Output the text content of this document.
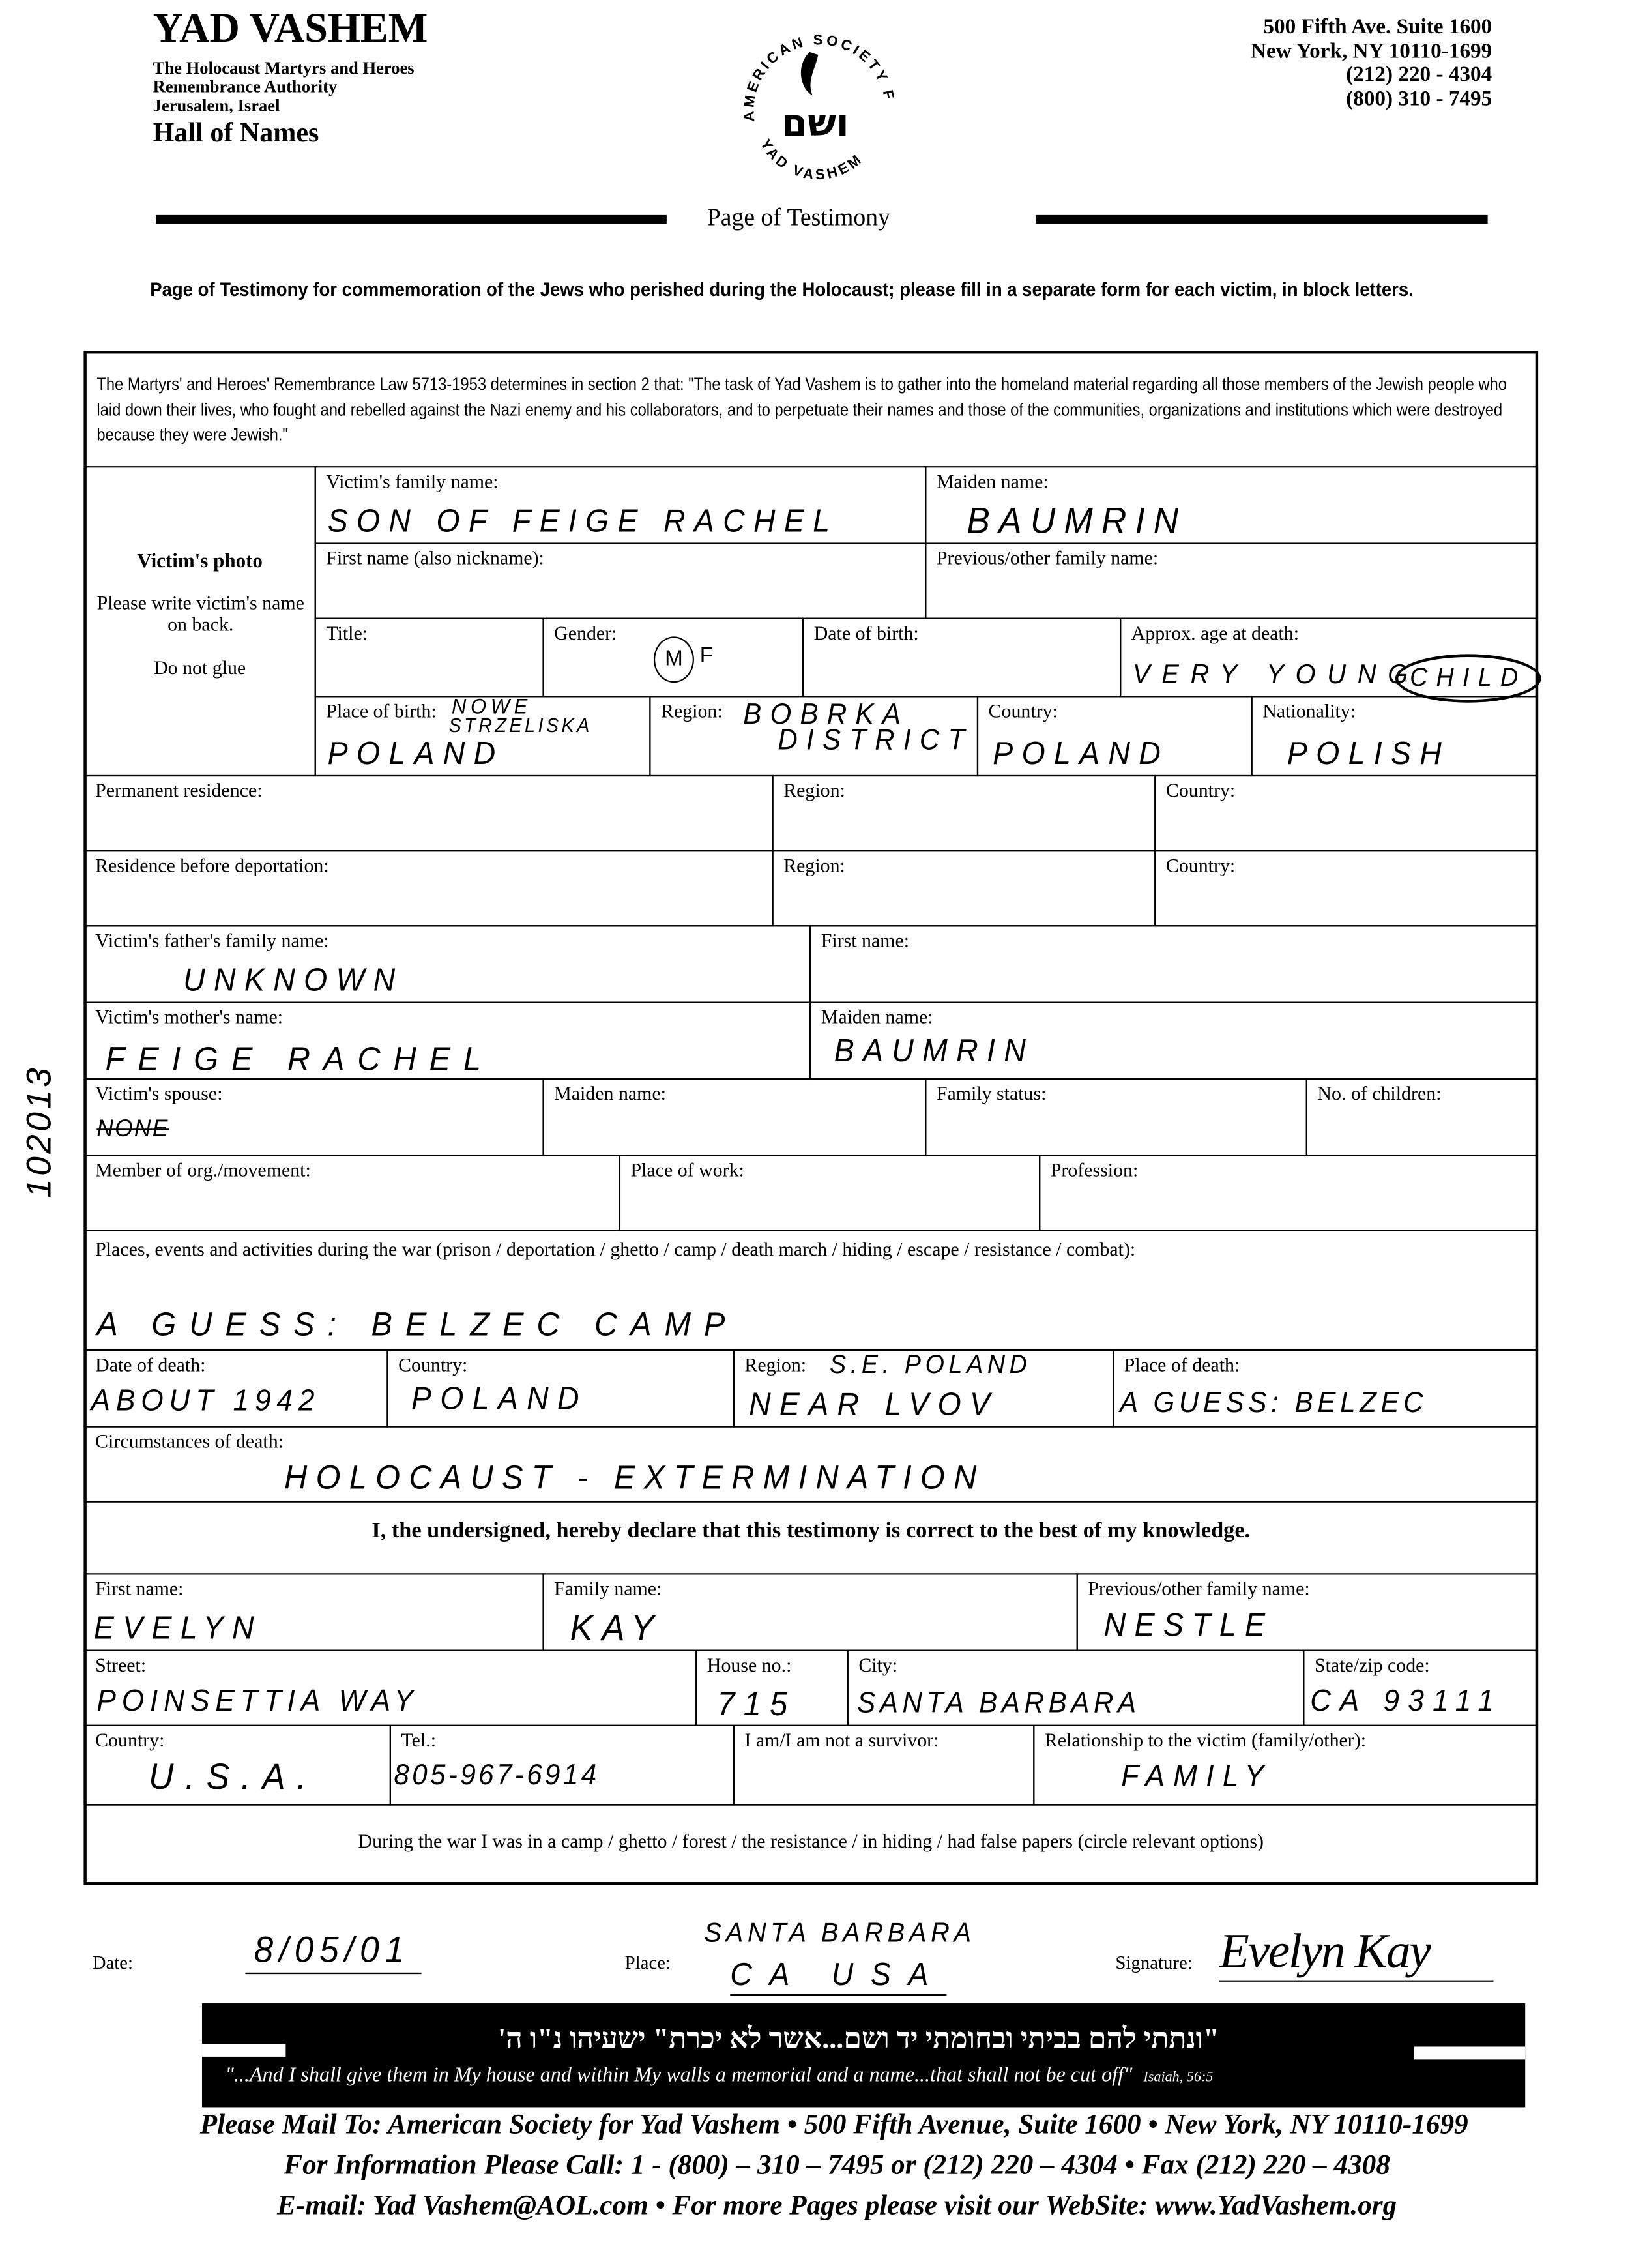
YAD VASHEM
The Holocaust Martyrs and Heroes
Remembrance Authority
Jerusalem, Israel
Hall of Names
AMERICAN SOCIETY F
YAD VASHEM
ושם
Page of Testimony
500 Fifth Ave. Suite 1600
New York, NY 10110-1699
(212) 220 - 4304
(800) 310 - 7495
Page of Testimony for commemoration of the Jews who perished during the Holocaust; please fill in a separate form for each victim, in block letters.
The Martyrs' and Heroes' Remembrance Law 5713-1953 determines in section 2 that: "The task of Yad Vashem is to gather into the homeland material regarding all those members of the Jewish people who laid down their lives, who fought and rebelled against the Nazi enemy and his collaborators, and to perpetuate their names and those of the communities, organizations and institutions which were destroyed because they were Jewish."
Victim's photo
Please write victim's name on back.
Do not glue
Victim's family name:
SON OF FEIGE RACHEL
Maiden name:
BAUMRIN
First name (also nickname):	Previous/other family name:
Title:	Gender:
M	F
Date of birth:	Approx. age at death:
VERY YOUNG
CHILD
Place of birth: NOWE
STRZELISKA
POLAND
Region: BOBRKA
DISTRICT
Country:
POLAND
Nationality:
POLISH
Permanent residence:	Region:	Country:
Residence before deportation:	Region:	Country:
Victim's father's family name:
UNKNOWN
First name:
Victim's mother's name:
FEIGE RACHEL
Maiden name:
BAUMRIN
Victim's spouse:
NONE
Maiden name:	Family status:	No. of children:
Member of org./movement:	Place of work:	Profession:
Places, events and activities during the war (prison / deportation / ghetto / camp / death march / hiding / escape / resistance / combat):
A GUESS: BELZEC CAMP
Date of death:
ABOUT 1942
Country:
POLAND
Region: S.E. POLAND
NEAR LVOV
Place of death:
A GUESS: BELZEC
Circumstances of death:
HOLOCAUST - EXTERMINATION
I, the undersigned, hereby declare that this testimony is correct to the best of my knowledge.
First name:
EVELYN
Family name:
KAY
Previous/other family name:
NESTLE
Street:
POINSETTIA WAY
House no.:
715
City:
SANTA BARBARA
State/zip code:
CA 93111
Country:
U.S.A.
Tel.:
805-967-6914
I am/I am not a survivor:	Relationship to the victim (family/other):
FAMILY
During the war I was in a camp / ghetto / forest / the resistance / in hiding / had false papers (circle relevant options)
102013
Date:	8/05/01	Place:
SANTA BARBARA
CA USA	Signature: Evelyn Kay
"ונתתי להם בביתי ובחומתי יד ושם...אשר לא יכרת" ישעיהו נ"ו ה'
"...And I shall give them in My house and within My walls a memorial and a name...that shall not be cut off" Isaiah, 56:5
Please Mail To: American Society for Yad Vashem • 500 Fifth Avenue, Suite 1600 • New York, NY 10110-1699
For Information Please Call: 1 - (800) – 310 – 7495 or (212) 220 – 4304 • Fax (212) 220 – 4308
E-mail: Yad Vashem@AOL.com • For more Pages please visit our WebSite: www.YadVashem.org
